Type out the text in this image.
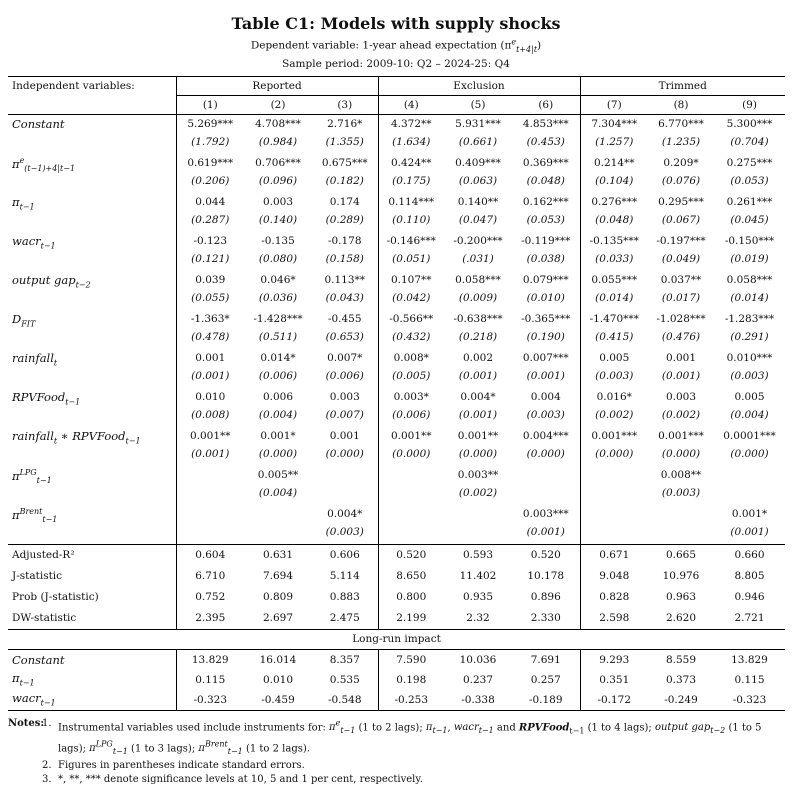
Table C1: Models with supply shocks
Dependent variable: 1-year ahead expectation $(\pi^e_{t+4|t})$
Sample period: 2009-10: Q2 – 2024-25: Q4
Independent variables:	Reported			Exclusion			Trimmed		
	(1)	(2)	(3)	(4)	(5)	(6)	(7)	(8)	(9)
Constant	5.269***	4.708***	2.716*	4.372**	5.931***	4.853***	7.304***	6.770***	5.300***
	(1.792)	(0.984)	(1.355)	(1.634)	(0.661)	(0.453)	(1.257)	(1.235)	(0.704)
$\pi^e_{(t-1)+4|t-1}$	0.619***	0.706***	0.675***	0.424**	0.409***	0.369***	0.214**	0.209*	0.275***
	(0.206)	(0.096)	(0.182)	(0.175)	(0.063)	(0.048)	(0.104)	(0.076)	(0.053)
$\pi_{t-1}$	0.044	0.003	0.174	0.114***	0.140**	0.162***	0.276***	0.295***	0.261***
	(0.287)	(0.140)	(0.289)	(0.110)	(0.047)	(0.053)	(0.048)	(0.067)	(0.045)
wacr$_{t-1}$	-0.123	-0.135	-0.178	-0.146***	-0.200***	-0.119***	-0.135***	-0.197***	-0.150***
	(0.121)	(0.080)	(0.158)	(0.051)	(.031)	(0.038)	(0.033)	(0.049)	(0.019)
output gap$_{t-2}$	0.039	0.046*	0.113**	0.107**	0.058***	0.079***	0.055***	0.037**	0.058***
	(0.055)	(0.036)	(0.043)	(0.042)	(0.009)	(0.010)	(0.014)	(0.017)	(0.014)
$D_{FIT}$	-1.363*	-1.428***	-0.455	-0.566**	-0.638***	-0.365***	-1.470***	-1.028***	-1.283***
	(0.478)	(0.511)	(0.653)	(0.432)	(0.218)	(0.190)	(0.415)	(0.476)	(0.291)
rainfall$_t$	0.001	0.014*	0.007*	0.008*	0.002	0.007***	0.005	0.001	0.010***
	(0.001)	(0.006)	(0.006)	(0.005)	(0.001)	(0.001)	(0.003)	(0.001)	(0.003)
RPVFood$_{t-1}$	0.010	0.006	0.003	0.003*	0.004*	0.004	0.016*	0.003	0.005
	(0.008)	(0.004)	(0.007)	(0.006)	(0.001)	(0.003)	(0.002)	(0.002)	(0.004)
rainfall$_t$ ∗ RPVFood$_{t-1}$	0.001**	0.001*	0.001	0.001**	0.001**	0.004***	0.001***	0.001***	0.0001***
	(0.001)	(0.000)	(0.000)	(0.000)	(0.000)	(0.000)	(0.000)	(0.000)	(0.000)
$\pi^{LPG}_{t-1}$		0.005**			0.003**			0.008**	
		(0.004)			(0.002)			(0.003)	
$\pi^{Brent}_{t-1}$			0.004*			0.003***			0.001*
			(0.003)			(0.001)			(0.001)
Adjusted-R²	0.604	0.631	0.606	0.520	0.593	0.520	0.671	0.665	0.660
J-statistic	6.710	7.694	5.114	8.650	11.402	10.178	9.048	10.976	8.805
Prob (J-statistic)	0.752	0.809	0.883	0.800	0.935	0.896	0.828	0.963	0.946
DW-statistic	2.395	2.697	2.475	2.199	2.32	2.330	2.598	2.620	2.721
Long-run impact									
Constant	13.829	16.014	8.357	7.590	10.036	7.691	9.293	8.559	13.829
$\pi_{t-1}$	0.115	0.010	0.535	0.198	0.237	0.257	0.351	0.373	0.115
wacr$_{t-1}$	-0.323	-0.459	-0.548	-0.253	-0.338	-0.189	-0.172	-0.249	-0.323
Notes:
1. Instrumental variables used include instruments for: $\pi^e_{t-1}$ (1 to 2 lags); $\pi_{t-1}$, wacr$_{t-1}$ and RPVFood$_{t-1}$ (1 to 4 lags); output gap$_{t-2}$ (1 to 5 lags); $\pi^{LPG}_{t-1}$ (1 to 3 lags); $\pi^{Brent}_{t-1}$ (1 to 2 lags).
2. Figures in parentheses indicate standard errors.
3. *, **, *** denote significance levels at 10, 5 and 1 per cent, respectively.
